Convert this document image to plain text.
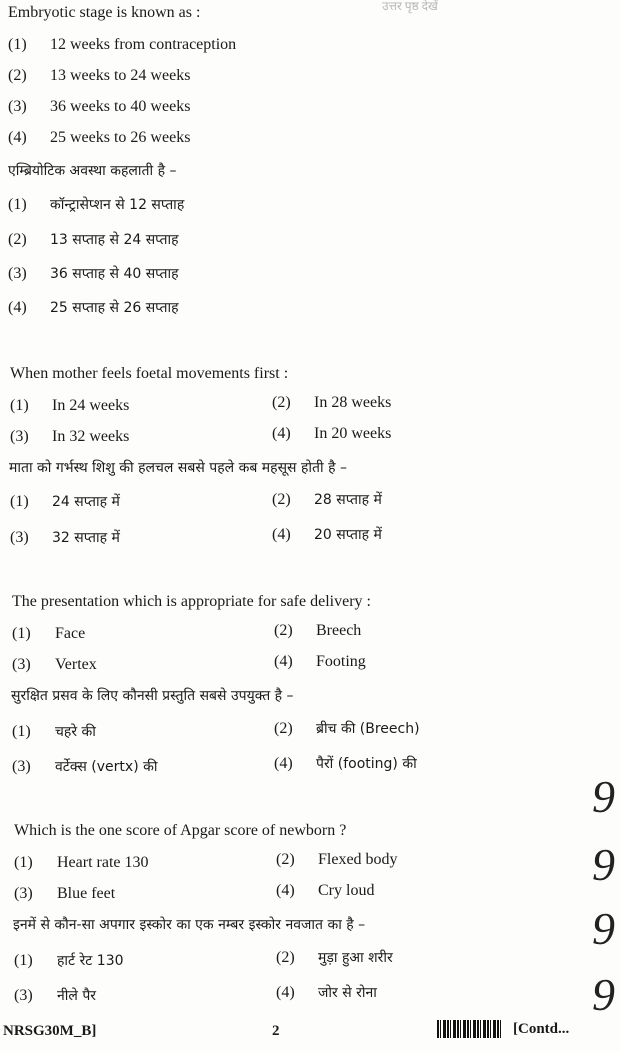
उत्तर पृष्ठ देखें
Embryotic stage is known as :
(1) 12 weeks from contraception
(2) 13 weeks to 24 weeks
(3) 36 weeks to 40 weeks
(4) 25 weeks to 26 weeks
एम्ब्रियोटिक अवस्था कहलाती है –
(1) कॉन्ट्रासेप्शन से 12 सप्ताह
(2) 13 सप्ताह से 24 सप्ताह
(3) 36 सप्ताह से 40 सप्ताह
(4) 25 सप्ताह से 26 सप्ताह
When mother feels foetal movements first :
(1) In 24 weeks	(2) In 28 weeks
(3) In 32 weeks	(4) In 20 weeks
माता को गर्भस्थ शिशु की हलचल सबसे पहले कब महसूस होती है –
(1) 24 सप्ताह में	(2) 28 सप्ताह में
(3) 32 सप्ताह में	(4) 20 सप्ताह में
The presentation which is appropriate for safe delivery :
(1) Face	(2) Breech
(3) Vertex	(4) Footing
सुरक्षित प्रसव के लिए कौनसी प्रस्तुति सबसे उपयुक्त है –
(1) चहरे की	(2) ब्रीच की (Breech)
(3) वर्टेक्स (vertx) की	(4) पैरों (footing) की
Which is the one score of Apgar score of newborn ?
(1) Heart rate 130	(2) Flexed body
(3) Blue feet	(4) Cry loud
इनमें से कौन-सा अपगार इस्कोर का एक नम्बर इस्कोर नवजात का है –
(1) हार्ट रेट 130	(2) मुड़ा हुआ शरीर
(3) नीले पैर	(4) जोर से रोना
9
9
9
9
NRSG30M_B]	2	[Contd...
